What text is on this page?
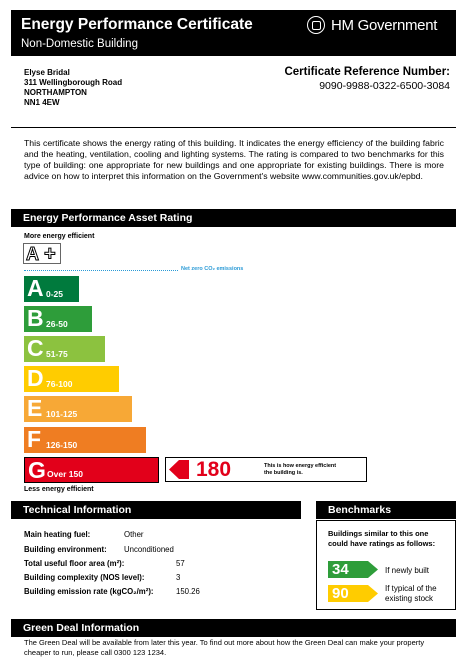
Energy Performance Certificate
Non-Domestic Building
HM Government
Elyse Bridal
311 Wellingborough Road
NORTHAMPTON
NN1 4EW
Certificate Reference Number:
9090-9988-0322-6500-3084
This certificate shows the energy rating of this building. It indicates the energy efficiency of the building fabric and the heating, ventilation, cooling and lighting systems. The rating is compared to two benchmarks for this type of building: one appropriate for new buildings and one appropriate for existing buildings. There is more advice on how to interpret this information on the Government's website www.communities.gov.uk/epbd.
Energy Performance Asset Rating
More energy efficient
A +
Net zero CO₂ emissions
A 0-25
B 26-50
C 51-75
D 76-100
E 101-125
F 126-150
G Over 150
Less energy efficient
180	This is how energy efficient
the building is.
Technical Information
Main heating fuel:	Other
Building environment: Unconditioned
Total useful floor area (m²):	57
Building complexity (NOS level):	3
Building emission rate (kgCO₂/m²):	150.26
Benchmarks
Buildings similar to this one could have ratings as follows:
34	If newly built
90	If typical of the existing stock
Green Deal Information
The Green Deal will be available from later this year. To find out more about how the Green Deal can make your property cheaper to run, please call 0300 123 1234.
